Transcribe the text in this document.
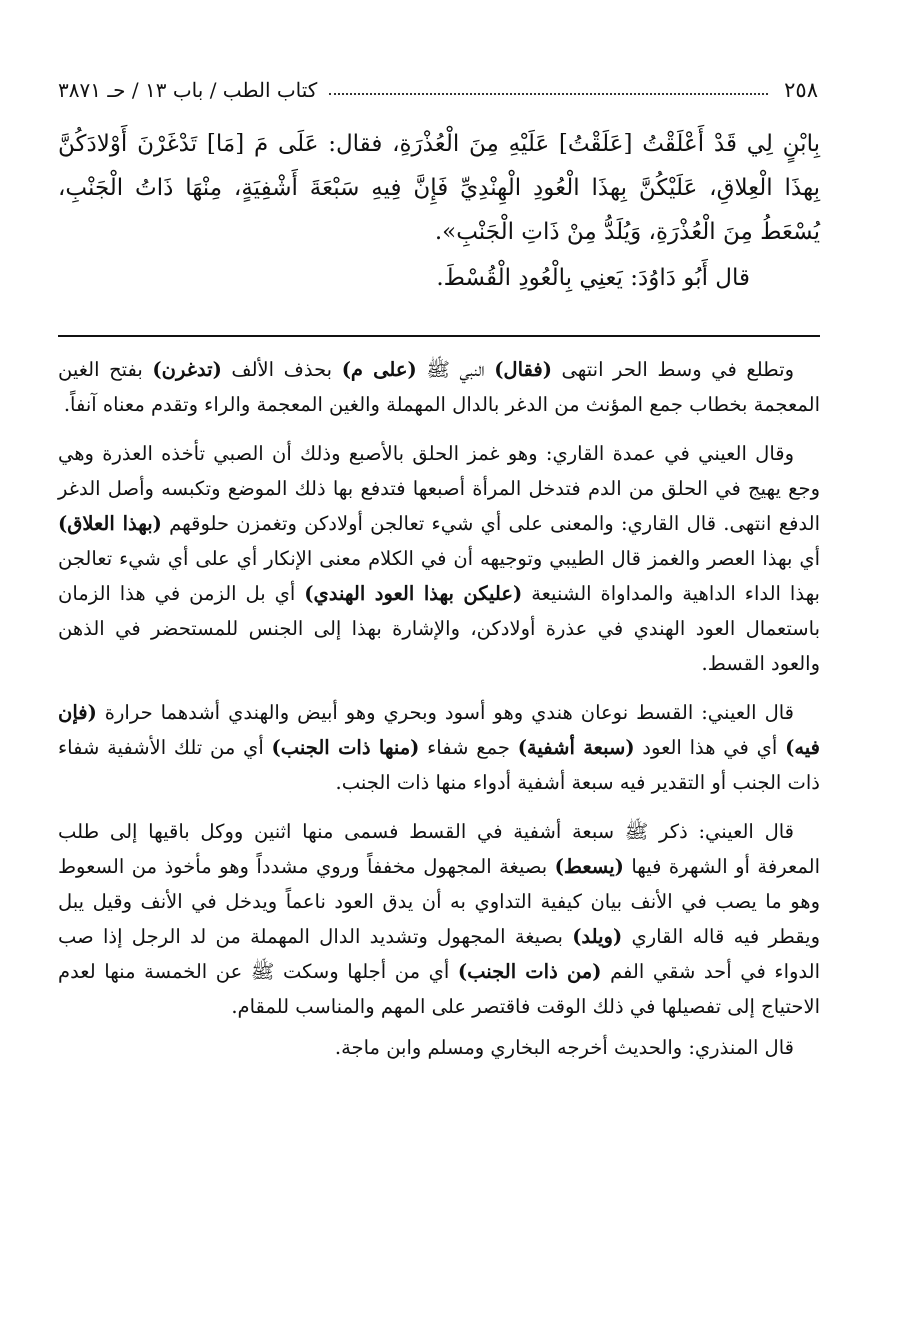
٢٥٨
كتاب الطب / باب ١٣ / حـ ٣٨٧١

بِابْنٍ لِي قَدْ أَعْلَقْتُ [عَلَقْتُ] عَلَيْهِ مِنَ الْعُذْرَةِ، فقال: عَلَى مَ [مَا] تَدْغَرْنَ أَوْلادَكُنَّ بِهذَا الْعِلاقِ، عَلَيْكُنَّ بِهذَا الْعُودِ الْهِنْدِيِّ فَإِنَّ فِيهِ سَبْعَةَ أَشْفِيَةٍ، مِنْهَا ذَاتُ الْجَنْبِ، يُسْعَطُ مِنَ الْعُذْرَةِ، وَيُلَدُّ مِنْ ذَاتِ الْجَنْبِ».

قال أَبُو دَاوُدَ: يَعنِي بِالْعُودِ الْقُسْطَ.

وتطلع في وسط الحر انتهى (فقال) النبي ﷺ (على م) بحذف الألف (تدغرن) بفتح الغين المعجمة بخطاب جمع المؤنث من الدغر بالدال المهملة والغين المعجمة والراء وتقدم معناه آنفاً.

وقال العيني في عمدة القاري: وهو غمز الحلق بالأصبع وذلك أن الصبي تأخذه العذرة وهي وجع يهيج في الحلق من الدم فتدخل المرأة أصبعها فتدفع بها ذلك الموضع وتكبسه وأصل الدغر الدفع انتهى. قال القاري: والمعنى على أي شيء تعالجن أولادكن وتغمزن حلوقهم (بهذا العلاق) أي بهذا العصر والغمز قال الطيبي وتوجيهه أن في الكلام معنى الإنكار أي على أي شيء تعالجن بهذا الداء الداهية والمداواة الشنيعة (عليكن بهذا العود الهندي) أي بل الزمن في هذا الزمان باستعمال العود الهندي في عذرة أولادكن، والإشارة بهذا إلى الجنس للمستحضر في الذهن والعود القسط.

قال العيني: القسط نوعان هندي وهو أسود وبحري وهو أبيض والهندي أشدهما حرارة (فإن فيه) أي في هذا العود (سبعة أشفية) جمع شفاء (منها ذات الجنب) أي من تلك الأشفية شفاء ذات الجنب أو التقدير فيه سبعة أشفية أدواء منها ذات الجنب.

قال العيني: ذكر ﷺ سبعة أشفية في القسط فسمى منها اثنين ووكل باقيها إلى طلب المعرفة أو الشهرة فيها (يسعط) بصيغة المجهول مخففاً وروي مشدداً وهو مأخوذ من السعوط وهو ما يصب في الأنف بيان كيفية التداوي به أن يدق العود ناعماً ويدخل في الأنف وقيل يبل ويقطر فيه قاله القاري (ويلد) بصيغة المجهول وتشديد الدال المهملة من لد الرجل إذا صب الدواء في أحد شقي الفم (من ذات الجنب) أي من أجلها وسكت ﷺ عن الخمسة منها لعدم الاحتياج إلى تفصيلها في ذلك الوقت فاقتصر على المهم والمناسب للمقام.

قال المنذري: والحديث أخرجه البخاري ومسلم وابن ماجة.
